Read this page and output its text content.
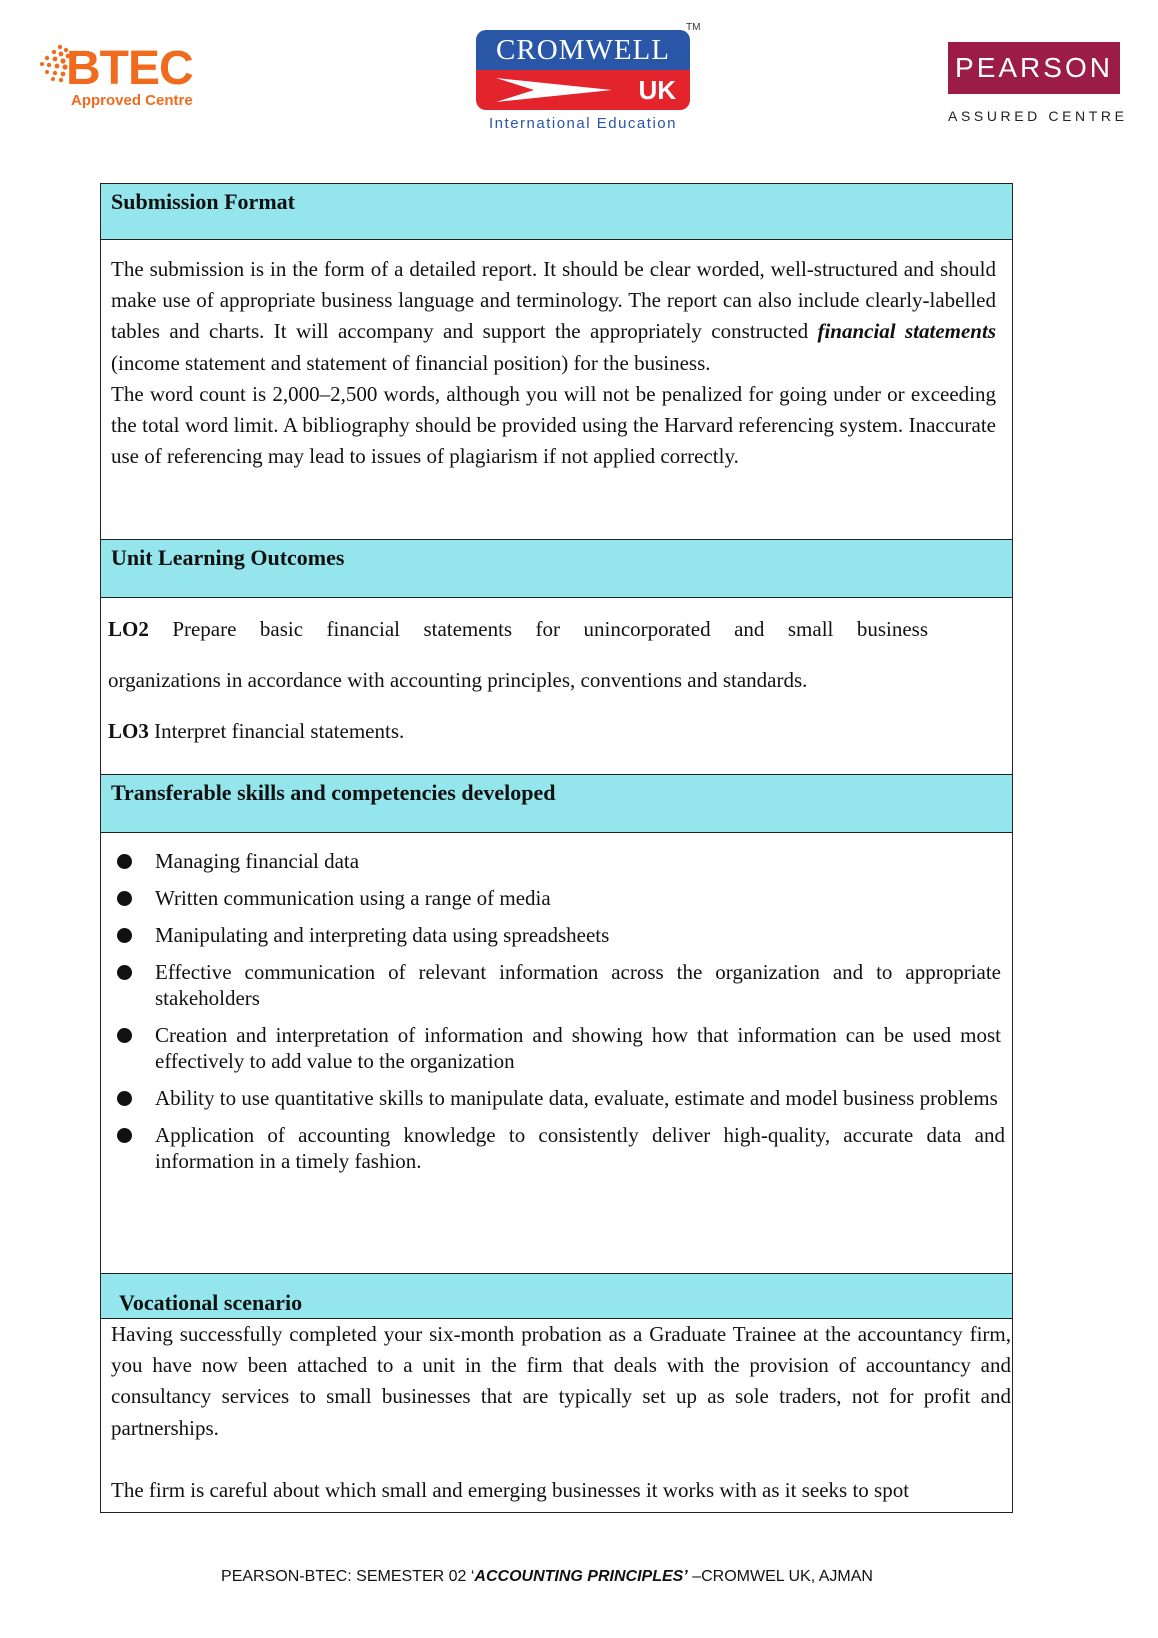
BTEC
Approved Centre
CROMWELL
UK
TM
International Education
PEARSON
ASSURED CENTRE
Submission Format

The submission is in the form of a detailed report. It should be clear worded, well-structured and should make use of appropriate business language and terminology. The report can also include clearly-labelled tables and charts. It will accompany and support the appropriately constructed financial statements (income statement and statement of financial position) for the business.

The word count is 2,000–2,500 words, although you will not be penalized for going under or exceeding the total word limit. A bibliography should be provided using the Harvard referencing system. Inaccurate use of referencing may lead to issues of plagiarism if not applied correctly.

Unit Learning Outcomes
LO2 Prepare basic financial statements for unincorporated and small business
organizations in accordance with accounting principles, conventions and standards.
LO3 Interpret financial statements.
Transferable skills and competencies developed
Managing financial data
Written communication using a range of media
Manipulating and interpreting data using spreadsheets
Effective communication of relevant information across the organization and to appropriate stakeholders
Creation and interpretation of information and showing how that information can be used most effectively to add value to the organization
Ability to use quantitative skills to manipulate data, evaluate, estimate and model business problems
Application of accounting knowledge to consistently deliver high-quality, accurate data and information in a timely fashion.
Vocational scenario

Having successfully completed your six-month probation as a Graduate Trainee at the accountancy firm, you have now been attached to a unit in the firm that deals with the provision of accountancy and consultancy services to small businesses that are typically set up as sole traders, not for profit and partnerships.

The firm is careful about which small and emerging businesses it works with as it seeks to spot

PEARSON-BTEC: SEMESTER 02 ‘ACCOUNTING PRINCIPLES’ –CROMWEL UK, AJMAN
